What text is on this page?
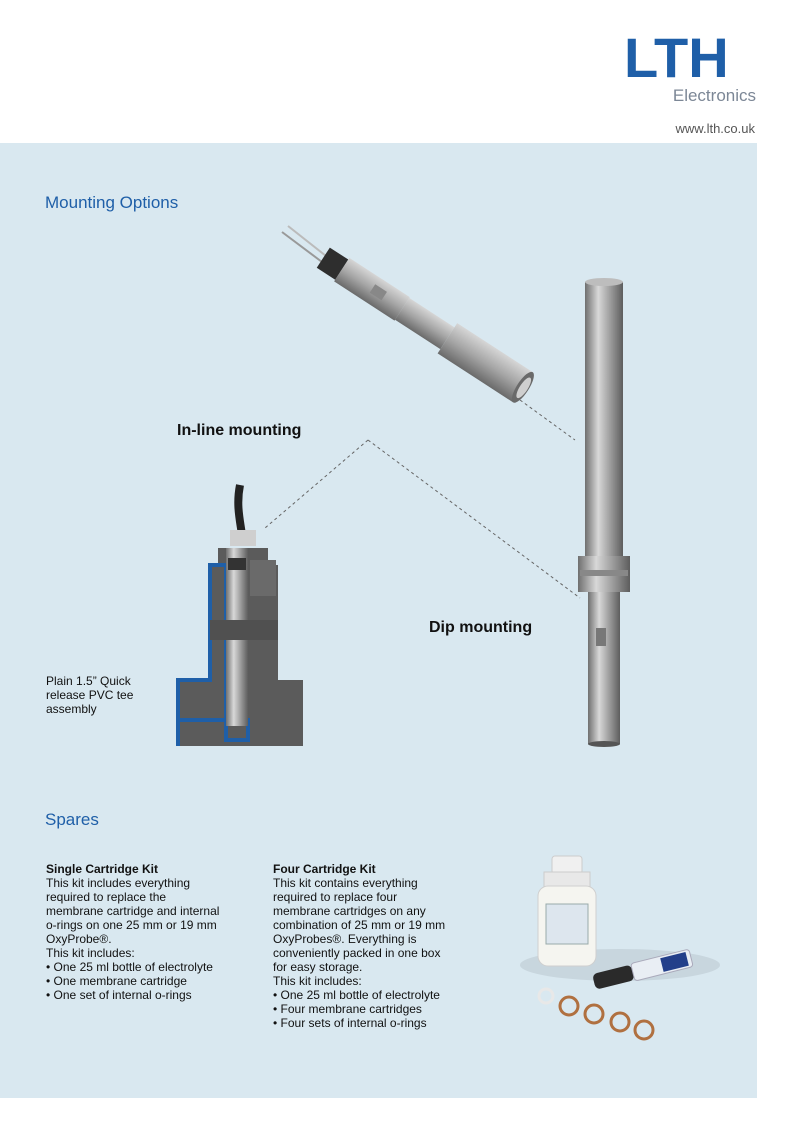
LTH
Electronics
www.lth.co.uk
Mounting Options
In-line mounting
Dip mounting
Plain 1.5” Quick
release PVC tee
assembly
Spares
Single Cartridge Kit
This kit includes everything
required to replace the
membrane cartridge and internal
o-rings on one 25 mm or 19 mm
OxyProbe®.
This kit includes:
• One 25 ml bottle of electrolyte
• One membrane cartridge
• One set of internal o-rings
Four Cartridge Kit
This kit contains everything
required to replace four
membrane cartridges on any
combination of 25 mm or 19 mm
OxyProbes®. Everything is
conveniently packed in one box
for easy storage.
This kit includes:
• One 25 ml bottle of electrolyte
• Four membrane cartridges
• Four sets of internal o-rings
